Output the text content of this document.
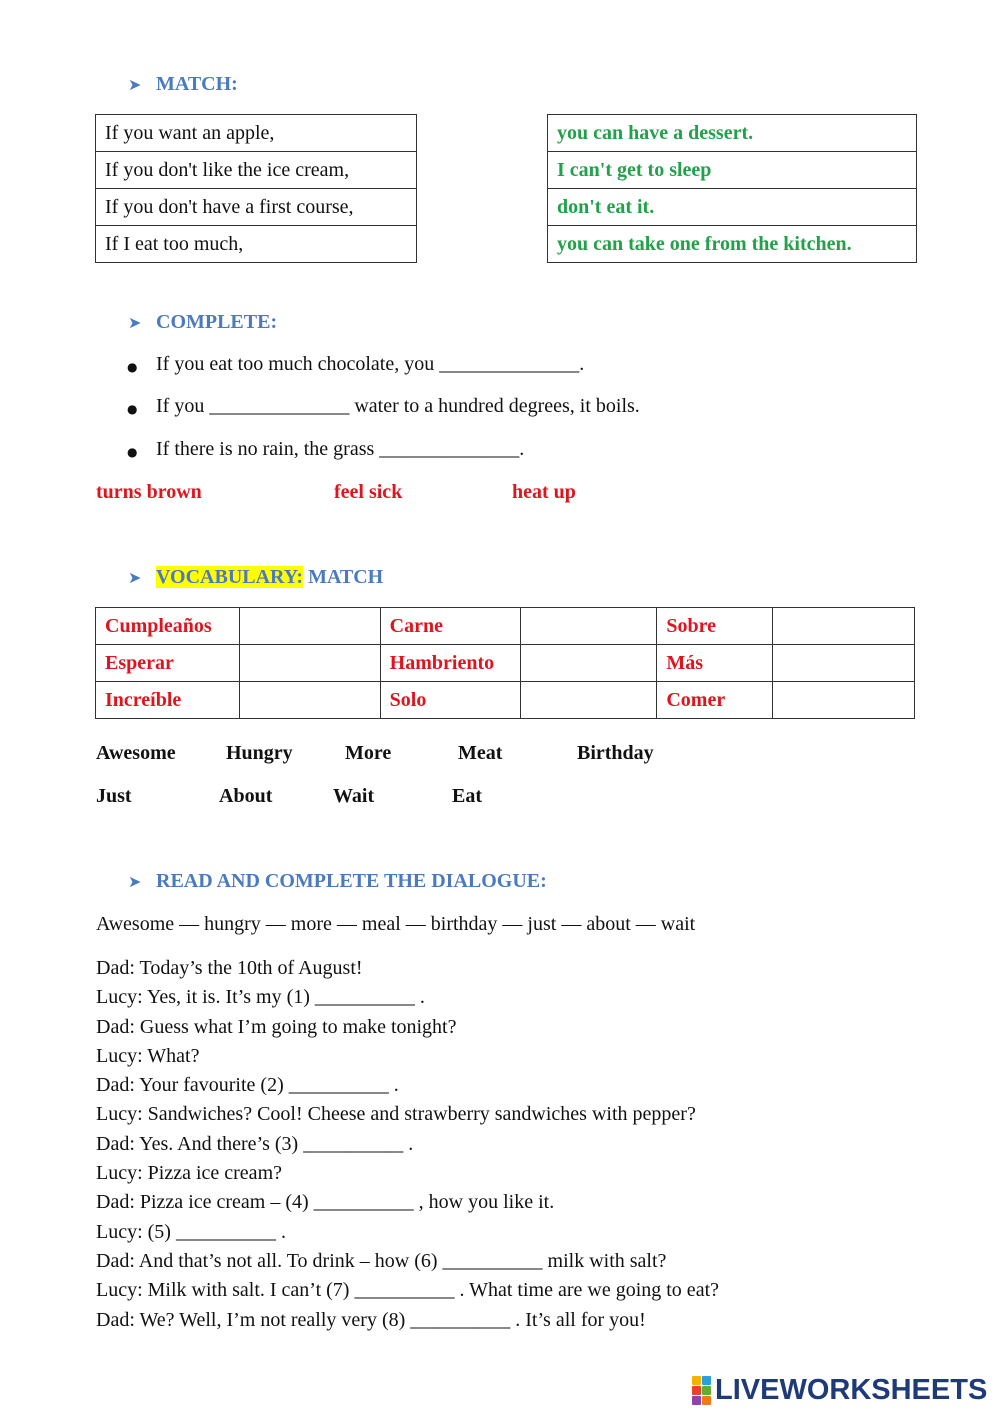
➤ MATCH:
If you want an apple,
If you don't like the ice cream,
If you don't have a first course,
If I eat too much,
you can have a dessert.
I can't get to sleep
don't eat it.
you can take one from the kitchen.
➤ COMPLETE:
● If you eat too much chocolate, you ______________.
● If you ______________ water to a hundred degrees, it boils.
● If there is no rain, the grass ______________.
turns brown	feel sick	heat up
➤ VOCABULARY: MATCH
Cumpleaños		Carne		Sobre	
Esperar		Hambriento		Más	
Increíble		Solo		Comer	
Awesome	Hungry	More	Meat	Birthday
Just	About	Wait	Eat
➤ READ AND COMPLETE THE DIALOGUE:
Awesome — hungry — more — meal — birthday — just — about — wait
Dad: Today’s the 10th of August!
Lucy: Yes, it is. It’s my (1) __________ .
Dad: Guess what I’m going to make tonight?
Lucy: What?
Dad: Your favourite (2) __________ .
Lucy: Sandwiches? Cool! Cheese and strawberry sandwiches with pepper?
Dad: Yes. And there’s (3) __________ .
Lucy: Pizza ice cream?
Dad: Pizza ice cream – (4) __________ , how you like it.
Lucy: (5) __________ .
Dad: And that’s not all. To drink – how (6) __________ milk with salt?
Lucy: Milk with salt. I can’t (7) __________ . What time are we going to eat?
Dad: We? Well, I’m not really very (8) __________ . It’s all for you!
LIVEWORKSHEETS
